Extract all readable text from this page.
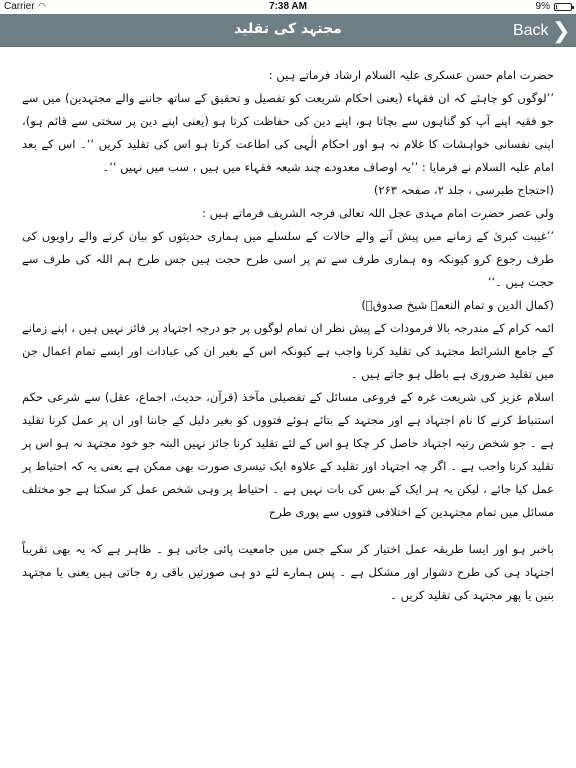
Carrier ◠	7:38 AM	9%
مجتہد کی تقلید	Back ❮

حضرت امام حسن عسکری علیہ السلام ارشاد فرماتے ہیں :

’’لوگوں کو چاہئے کہ ان فقہاء (یعنی احکام شریعت کو تفصیل و تحقیق کے ساتھ جاننے والے مجتہدین) میں سے جو فقیہ اپنے آپ کو گناہوں سے بچاتا ہو، اپنے دین کی حفاظت کرتا ہو (یعنی اپنے دین پر سختی سے قائم ہو)، اپنی نفسانی خواہشات کا غلام نہ ہو اور احکام الٰہی کی اطاعت کرتا ہو اس کی تقلید کریں ‘‘۔ اس کے بعد امام علیہ السلام نے فرمایا : ’’یہ اوصاف معدودے چند شیعہ فقہاء میں ہیں ، سب میں نہیں ‘‘۔

(احتجاج طبرسی ، جلد ۲، صفحہ ۲۶۳)

ولی عصر حضرت امام مہدی عجل اللہ تعالی فرجہ الشریف فرماتے ہیں :

’’غیبت کبریٰ کے زمانے میں پیش آنے والے حالات کے سلسلے میں ہماری حدیثوں کو بیان کرنے والے راویوں کی طرف رجوع کرو کیونکہ وہ ہماری طرف سے تم پر اسی طرح حجت ہیں جس طرح ہم اللہ کی طرف سے حجت ہیں ۔‘‘

(کمال الدین و تمام النعمہ شیخ صدوقؒ)

ائمہ کرام کے مندرجہ بالا فرمودات کے پیش نظر ان تمام لوگوں پر جو درجہ اجتہاد پر فائز نہیں ہیں ، اپنے زمانے کے جامع الشرائط مجتہد کی تقلید کرنا واجب ہے کیونکہ اس کے بغیر ان کی عبادات اور ایسے تمام اعمال جن میں تقلید ضروری ہے باطل ہو جاتے ہیں ۔

اسلام عزیز کی شریعت غرہ کے فروعی مسائل کے تفصیلی مآخذ (قرآن، حدیث، اجماع، عقل) سے شرعی حکم استنباط کرنے کا نام اجتہاد ہے اور مجتہد کے بتائے ہوئے فتووں کو بغیر دلیل کے جاننا اور ان پر عمل کرنا تقلید ہے ۔ جو شخص رتبہ اجتہاد حاصل کر چکا ہو اس کے لئے تقلید کرنا جائز نہیں البتہ جو خود مجتہد نہ ہو اس پر تقلید کرنا واجب ہے ۔ اگر چہ اجتہاد اور تقلید کے علاوہ ایک تیسری صورت بھی ممکن ہے یعنی یہ کہ احتیاط پر عمل کیا جائے ، لیکن یہ ہر ایک کے بس کی بات نہیں ہے ۔ احتیاط پر وہی شخص عمل کر سکتا ہے جو مختلف مسائل میں تمام مجتہدین کے اختلافی فتووں سے پوری طرح

باخبر ہو اور ایسا طریقہ عمل اختیار کر سکے جس میں جامعیت پائی جاتی ہو ۔ ظاہر ہے کہ یہ بھی تقریباً اجتہاد ہی کی طرح دشوار اور مشکل ہے ۔ پس ہمارے لئے دو ہی صورتیں باقی رہ جاتی ہیں یعنی یا مجتہد بنیں یا پھر مجتہد کی تقلید کریں ۔
